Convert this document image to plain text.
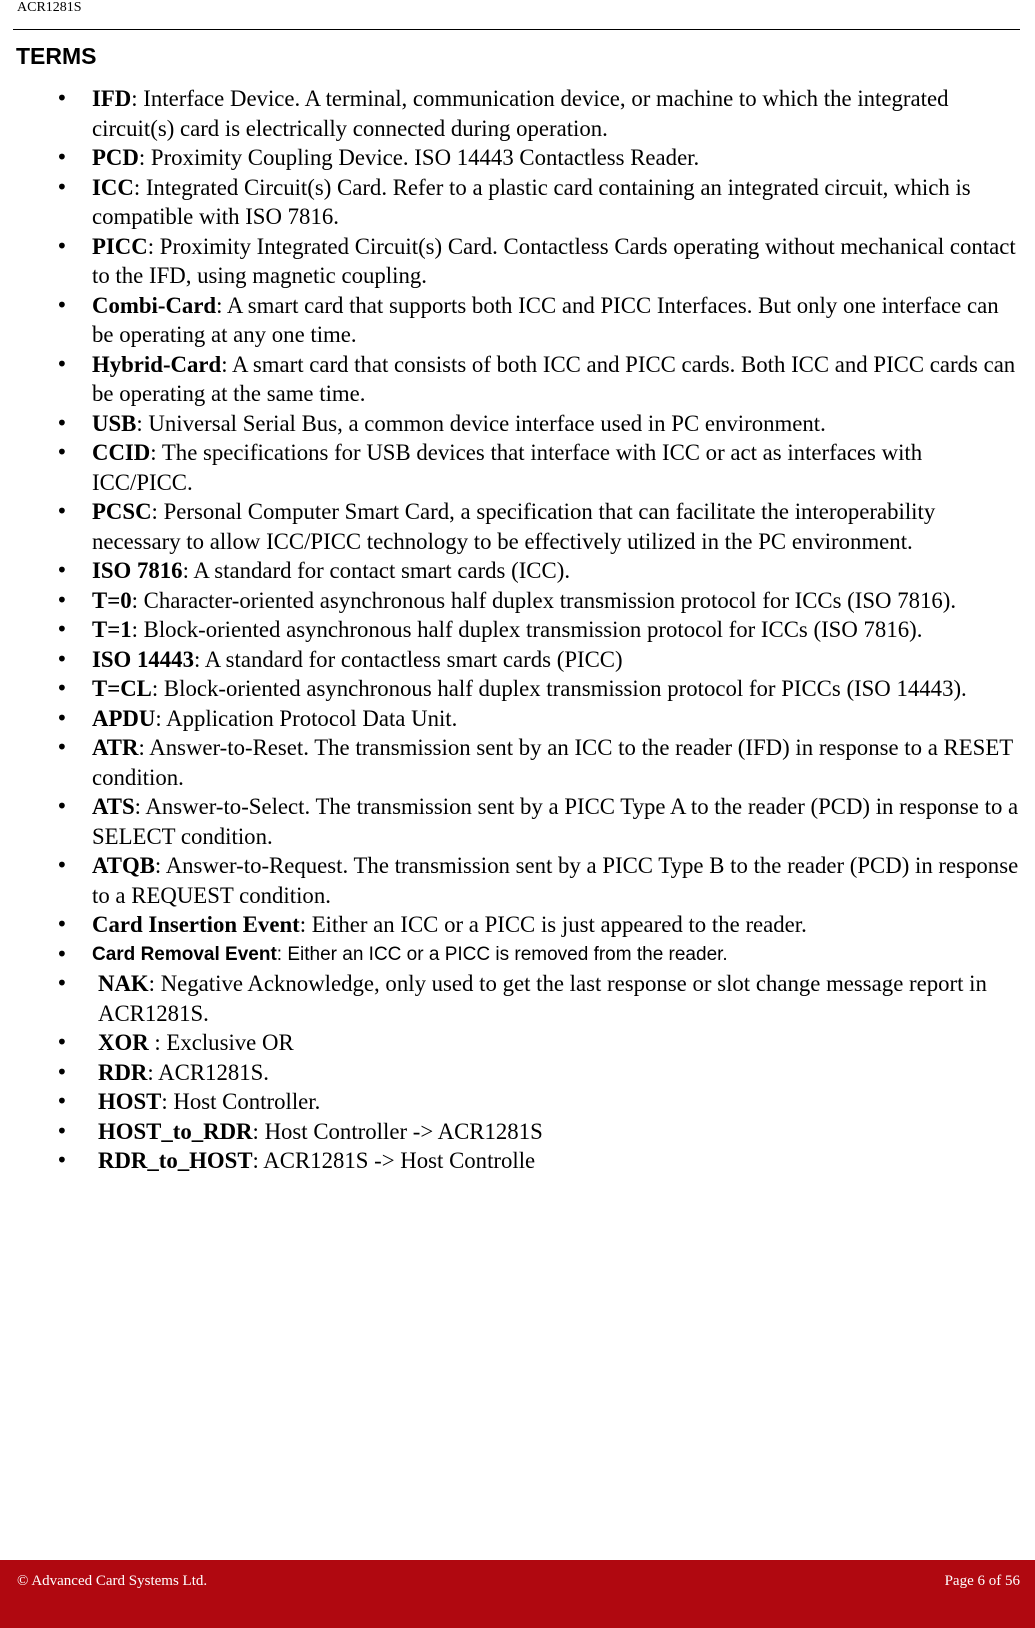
ACR1281S
TERMS
• IFD: Interface Device. A terminal, communication device, or machine to which the integrated circuit(s) card is electrically connected during operation.
• PCD: Proximity Coupling Device. ISO 14443 Contactless Reader.
• ICC: Integrated Circuit(s) Card. Refer to a plastic card containing an integrated circuit, which is compatible with ISO 7816.
• PICC: Proximity Integrated Circuit(s) Card. Contactless Cards operating without mechanical contact to the IFD, using magnetic coupling.
• Combi-Card: A smart card that supports both ICC and PICC Interfaces. But only one interface can be operating at any one time.
• Hybrid-Card: A smart card that consists of both ICC and PICC cards. Both ICC and PICC cards can be operating at the same time.
• USB: Universal Serial Bus, a common device interface used in PC environment.
• CCID: The specifications for USB devices that interface with ICC or act as interfaces with ICC/PICC.
• PCSC: Personal Computer Smart Card, a specification that can facilitate the interoperability necessary to allow ICC/PICC technology to be effectively utilized in the PC environment.
• ISO 7816: A standard for contact smart cards (ICC).
• T=0: Character-oriented asynchronous half duplex transmission protocol for ICCs (ISO 7816).
• T=1: Block-oriented asynchronous half duplex transmission protocol for ICCs (ISO 7816).
• ISO 14443: A standard for contactless smart cards (PICC)
• T=CL: Block-oriented asynchronous half duplex transmission protocol for PICCs (ISO 14443).
• APDU: Application Protocol Data Unit.
• ATR: Answer-to-Reset. The transmission sent by an ICC to the reader (IFD) in response to a RESET condition.
• ATS: Answer-to-Select. The transmission sent by a PICC Type A to the reader (PCD) in response to a SELECT condition.
• ATQB: Answer-to-Request. The transmission sent by a PICC Type B to the reader (PCD) in response to a REQUEST condition.
• Card Insertion Event: Either an ICC or a PICC is just appeared to the reader.
• Card Removal Event: Either an ICC or a PICC is removed from the reader.
• NAK: Negative Acknowledge, only used to get the last response or slot change message report in ACR1281S.
• XOR : Exclusive OR
• RDR: ACR1281S.
• HOST: Host Controller.
• HOST_to_RDR: Host Controller -> ACR1281S
• RDR_to_HOST: ACR1281S -> Host Controlle
© Advanced Card Systems Ltd.	Page 6 of 56
